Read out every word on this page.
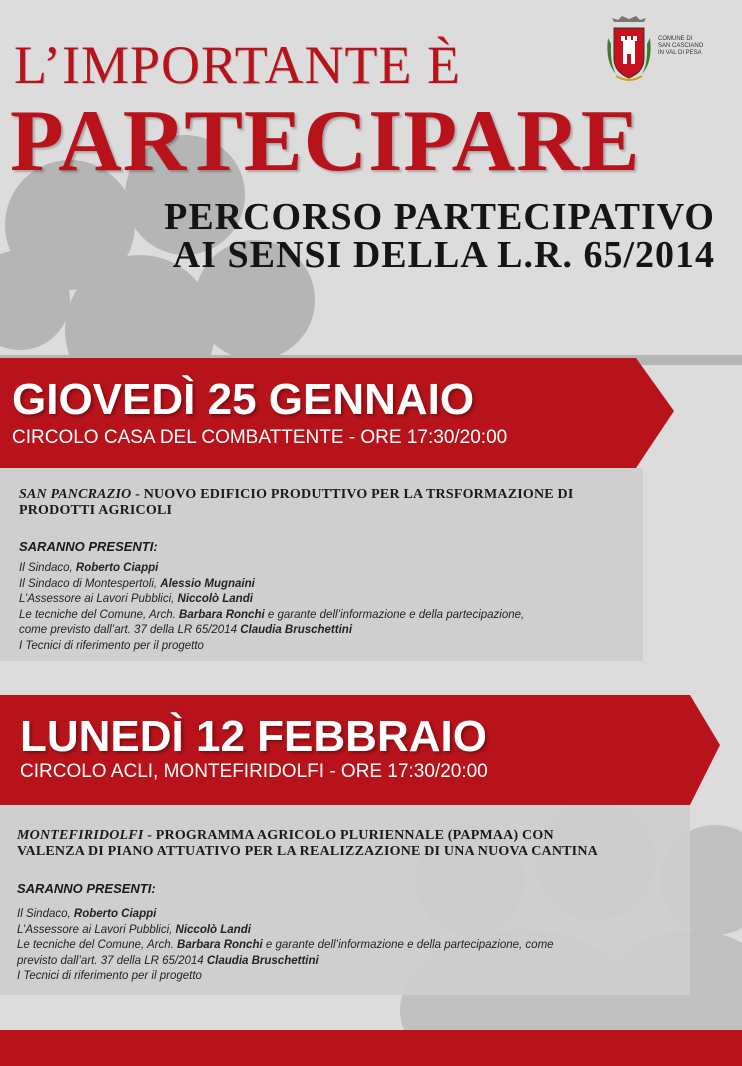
L’IMPORTANTE È
PARTECIPARE
PERCORSO PARTECIPATIVO
AI SENSI DELLA L.R. 65/2014
COMUNE DI
SAN CASCIANO
IN VAL DI PESA
GIOVEDÌ 25 GENNAIO
CIRCOLO CASA DEL COMBATTENTE - ORE 17:30/20:00
SAN PANCRAZIO - NUOVO EDIFICIO PRODUTTIVO PER LA TRSFORMAZIONE DI
PRODOTTI AGRICOLI
SARANNO PRESENTI:
Il Sindaco, Roberto Ciappi
Il Sindaco di Montespertoli, Alessio Mugnaini
L’Assessore ai Lavori Pubblici, Niccolò Landi
Le tecniche del Comune, Arch. Barbara Ronchi e garante dell’informazione e della partecipazione,
come previsto dall’art. 37 della LR 65/2014 Claudia Bruschettini
I Tecnici di riferimento per il progetto
LUNEDÌ 12 FEBBRAIO
CIRCOLO ACLI, MONTEFIRIDOLFI - ORE 17:30/20:00
MONTEFIRIDOLFI - PROGRAMMA AGRICOLO PLURIENNALE (PAPMAA) CON
VALENZA DI PIANO ATTUATIVO PER LA REALIZZAZIONE DI UNA NUOVA CANTINA
SARANNO PRESENTI:
Il Sindaco, Roberto Ciappi
L’Assessore ai Lavori Pubblici, Niccolò Landi
Le tecniche del Comune, Arch. Barbara Ronchi e garante dell’informazione e della partecipazione, come
previsto dall’art. 37 della LR 65/2014 Claudia Bruschettini
I Tecnici di riferimento per il progetto
